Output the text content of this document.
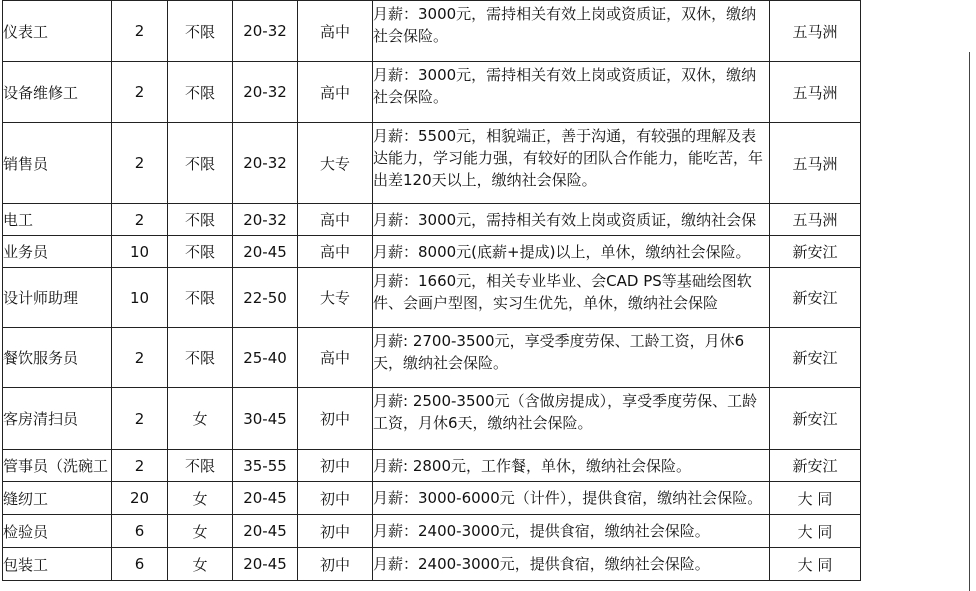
仪表工	2	不限	20-32	高中	月薪：3000元，需持相关有效上岗或资质证，双休，缴纳社会保险。	五马洲
设备维修工	2	不限	20-32	高中	月薪：3000元，需持相关有效上岗或资质证，双休，缴纳社会保险。	五马洲
销售员	2	不限	20-32	大专	月薪：5500元，相貌端正，善于沟通，有较强的理解及表达能力，学习能力强，有较好的团队合作能力，能吃苦，年出差120天以上，缴纳社会保险。	五马洲
电工	2	不限	20-32	高中	月薪：3000元，需持相关有效上岗或资质证，缴纳社会保	五马洲
业务员	10	不限	20-45	高中	月薪：8000元(底薪+提成)以上，单休，缴纳社会保险。	新安江
设计师助理	10	不限	22-50	大专	月薪：1660元，相关专业毕业、会CAD PS等基础绘图软件、会画户型图，实习生优先，单休，缴纳社会保险	新安江
餐饮服务员	2	不限	25-40	高中	月薪: 2700-3500元，享受季度劳保、工龄工资，月休6天，缴纳社会保险。	新安江
客房清扫员	2	女	30-45	初中	月薪: 2500-3500元（含做房提成），享受季度劳保、工龄工资，月休6天，缴纳社会保险。	新安江
管事员（洗碗工	2	不限	35-55	初中	月薪: 2800元，工作餐，单休，缴纳社会保险。	新安江
缝纫工	20	女	20-45	初中	月薪：3000-6000元（计件），提供食宿，缴纳社会保险。	大 同
检验员	6	女	20-45	初中	月薪：2400-3000元，提供食宿，缴纳社会保险。	大 同
包装工	6	女	20-45	初中	月薪：2400-3000元，提供食宿，缴纳社会保险。	大 同
